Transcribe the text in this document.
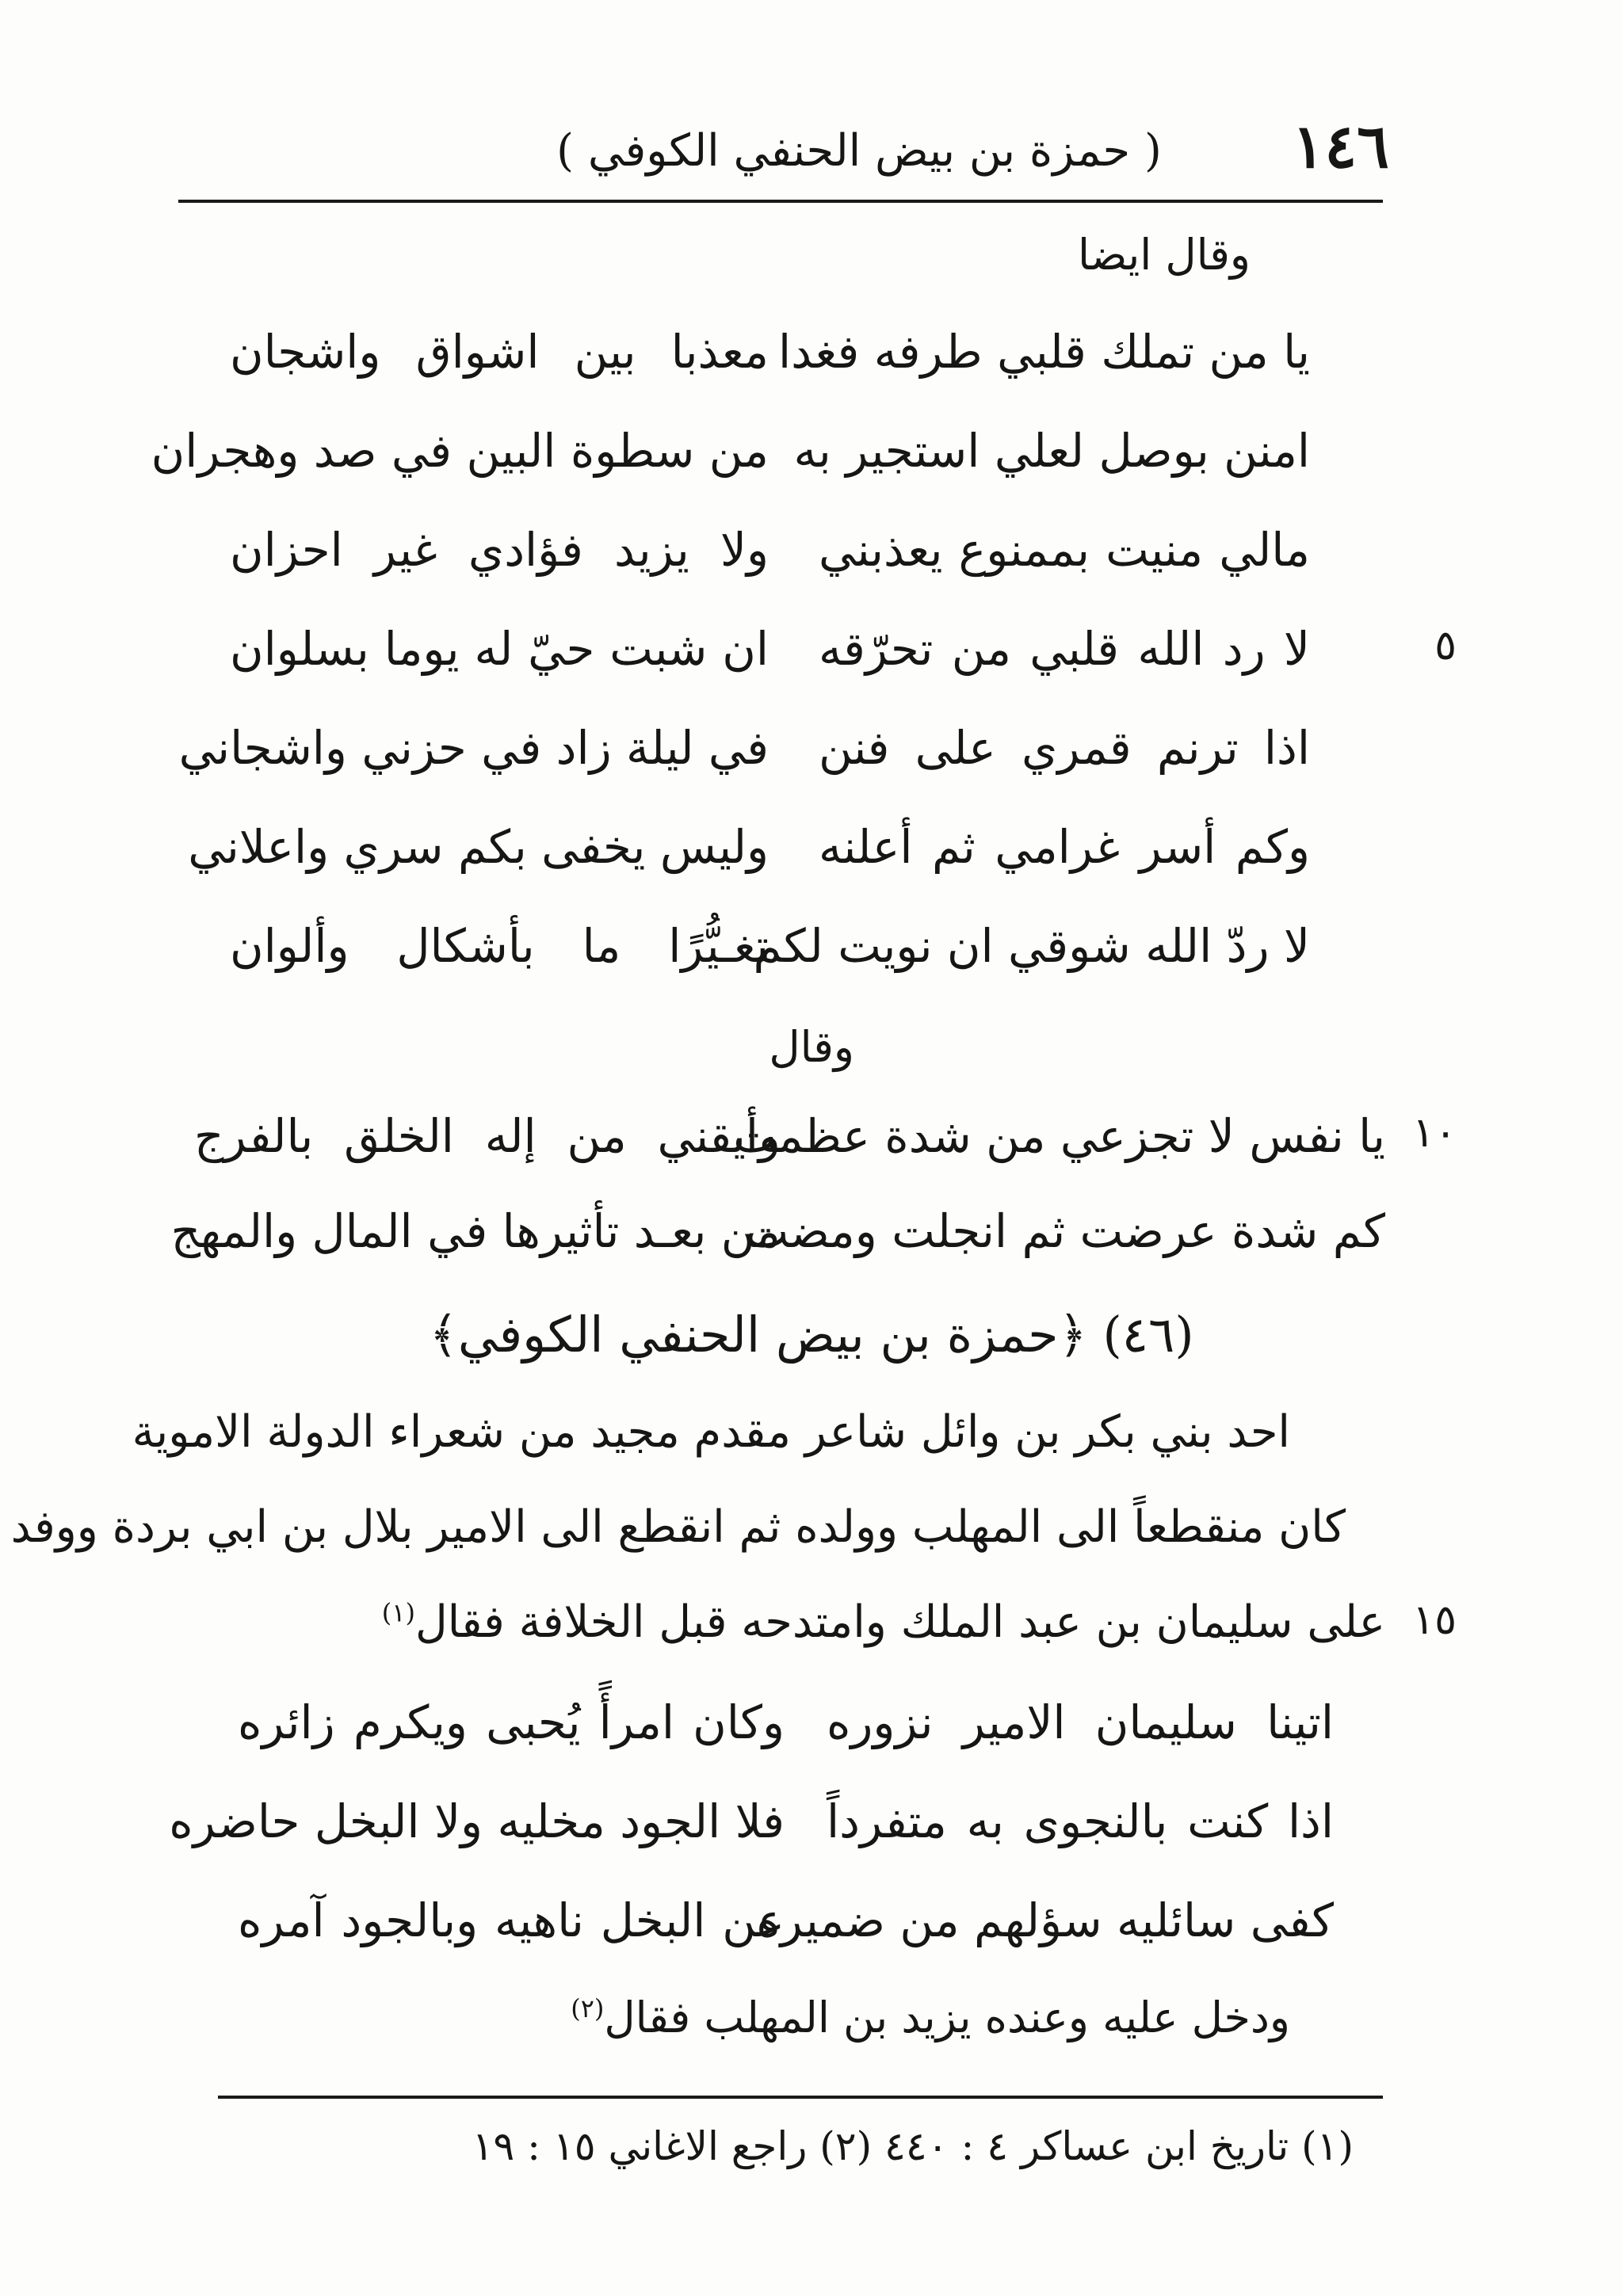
١٤٦
( حمزة بن بيض الحنفي الكوفي )
وقال ايضا
يا من تملك قلبي طرفه فغدا
معذبا بين اشواق واشجان
امنن بوصل لعلي استجير به
من سطوة البين في صد وهجران
مالي منيت بممنوع يعذبني
ولا يزيد فؤادي غير احزان
٥
لا رد الله قلبي من تحرّقه
ان شبت حيّ له يوما بسلوان
اذا ترنم قمري على فنن
في ليلة زاد في حزني واشجاني
وكم أسر غرامي ثم أعلنه
وليس يخفى بكم سري واعلاني
لا ردّ الله شوقي ان نويت لكم
تغـيُّرًا ما بأشكال وألوان
وقال
١٠
يا نفس لا تجزعي من شدة عظمت
وأيقني من إله الخلق بالفرج
كم شدة عرضت ثم انجلت ومضت
من بعـد تأثيرها في المال والمهج
(٤٦) ﴿حمزة بن بيض الحنفي الكوفي﴾
احد بني بكر بن وائل شاعر مقدم مجيد من شعراء الدولة الاموية
كان منقطعاً الى المهلب وولده ثم انقطع الى الامير بلال بن ابي بردة ووفد
١٥
على سليمان بن عبد الملك وامتدحه قبل الخلافة فقال$^{(١)}$
اتينا سليمان الامير نزوره
وكان امرأً يُحبى ويكرم زائره
اذا كنت بالنجوى به متفرداً
فلا الجود مخليه ولا البخل حاضره
كفى سائليه سؤلهم من ضميره
عن البخل ناهيه وبالجود آمره
ودخل عليه وعنده يزيد بن المهلب فقال$^{(٢)}$
(١) تاريخ ابن عساكر ٤ : ٤٤٠ (٢) راجع الاغاني ١٥ : ١٩
